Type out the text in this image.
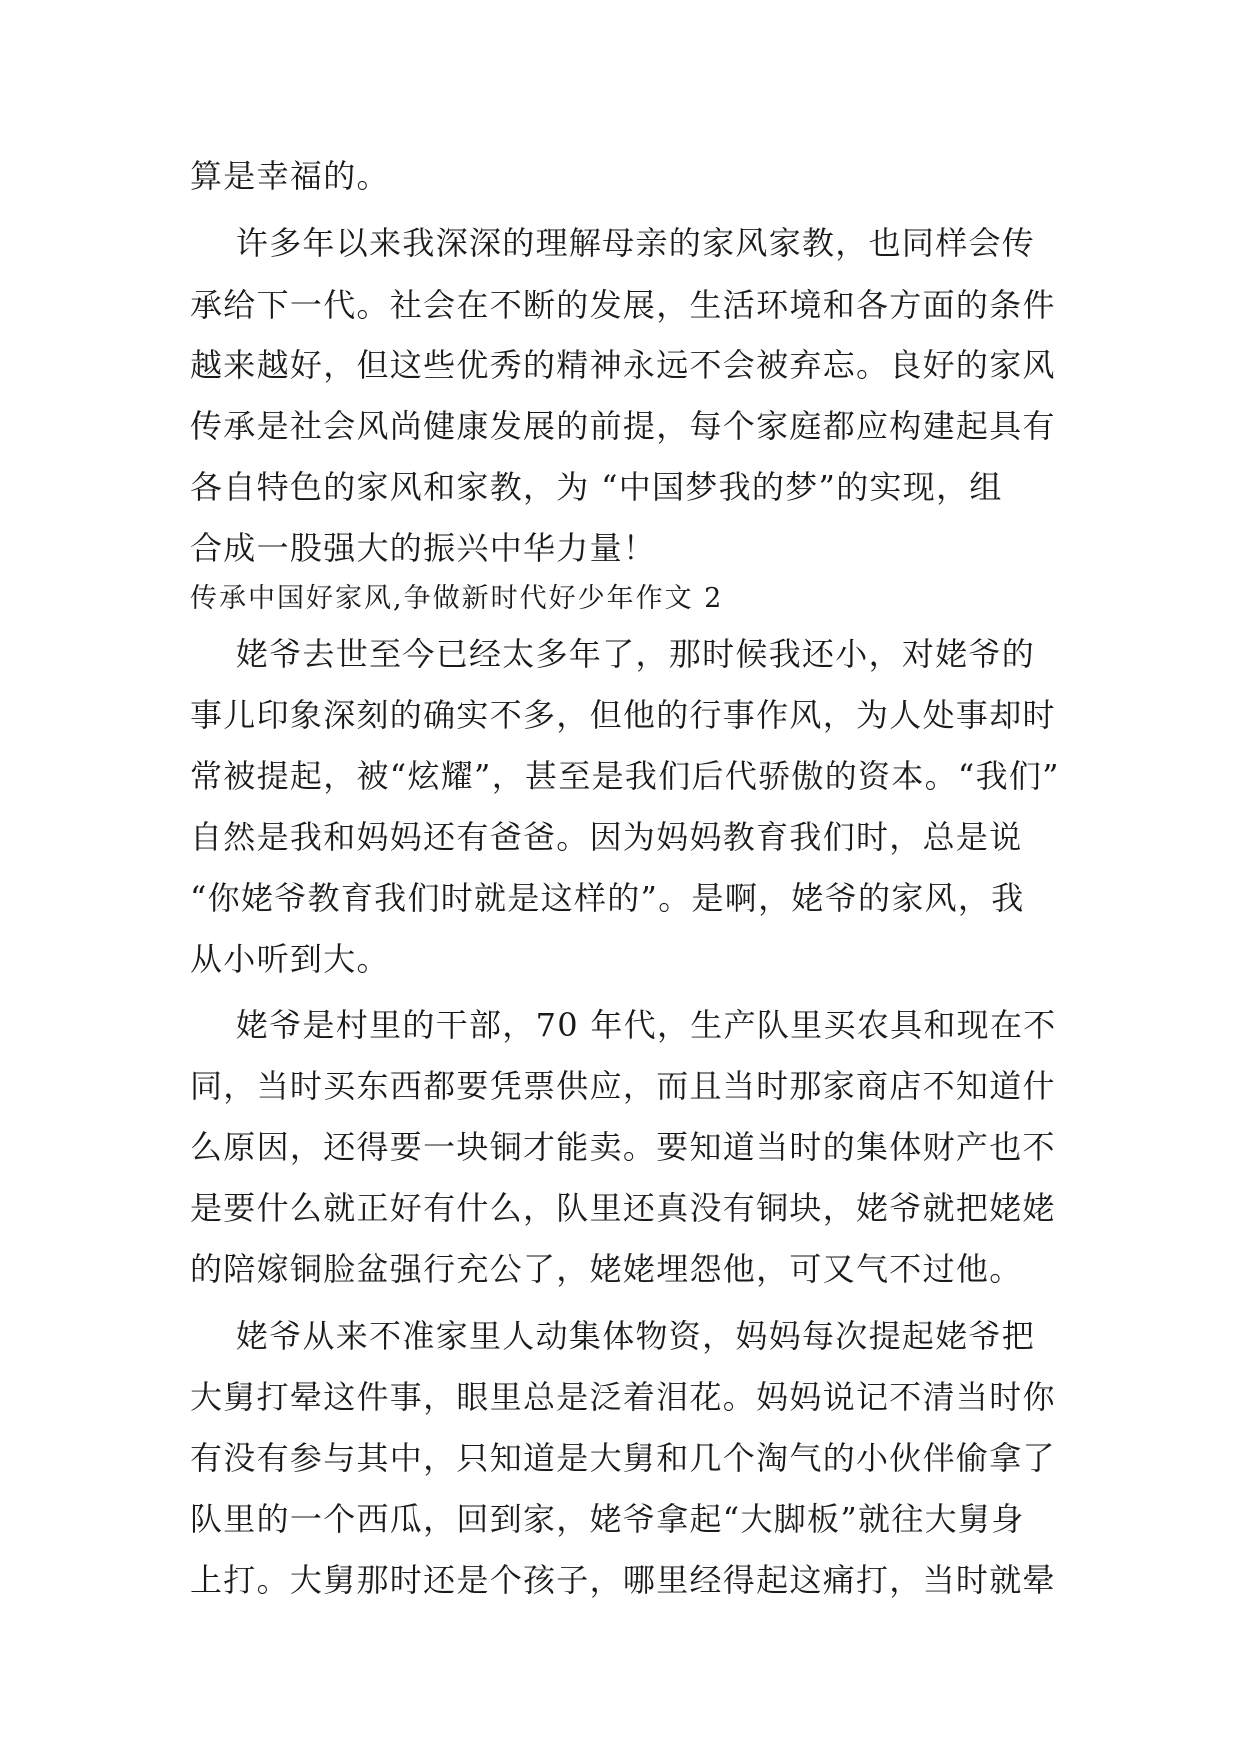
算是幸福的。
许多年以来我深深的理解母亲的家风家教，也同样会传
承给下一代。社会在不断的发展，生活环境和各方面的条件
越来越好，但这些优秀的精神永远不会被弃忘。良好的家风
传承是社会风尚健康发展的前提，每个家庭都应构建起具有
各自特色的家风和家教，为 “中国梦我的梦”的实现，组
合成一股强大的振兴中华力量！
传承中国好家风,争做新时代好少年作文 2
姥爷去世至今已经太多年了，那时候我还小，对姥爷的
事儿印象深刻的确实不多，但他的行事作风，为人处事却时
常被提起，被“炫耀”，甚至是我们后代骄傲的资本。“我们”
自然是我和妈妈还有爸爸。因为妈妈教育我们时，总是说
“你姥爷教育我们时就是这样的”。是啊，姥爷的家风，我
从小听到大。
姥爷是村里的干部，70 年代，生产队里买农具和现在不
同，当时买东西都要凭票供应，而且当时那家商店不知道什
么原因，还得要一块铜才能卖。要知道当时的集体财产也不
是要什么就正好有什么，队里还真没有铜块，姥爷就把姥姥
的陪嫁铜脸盆强行充公了，姥姥埋怨他，可又气不过他。
姥爷从来不准家里人动集体物资，妈妈每次提起姥爷把
大舅打晕这件事，眼里总是泛着泪花。妈妈说记不清当时你
有没有参与其中，只知道是大舅和几个淘气的小伙伴偷拿了
队里的一个西瓜，回到家，姥爷拿起“大脚板”就往大舅身
上打。大舅那时还是个孩子，哪里经得起这痛打，当时就晕
